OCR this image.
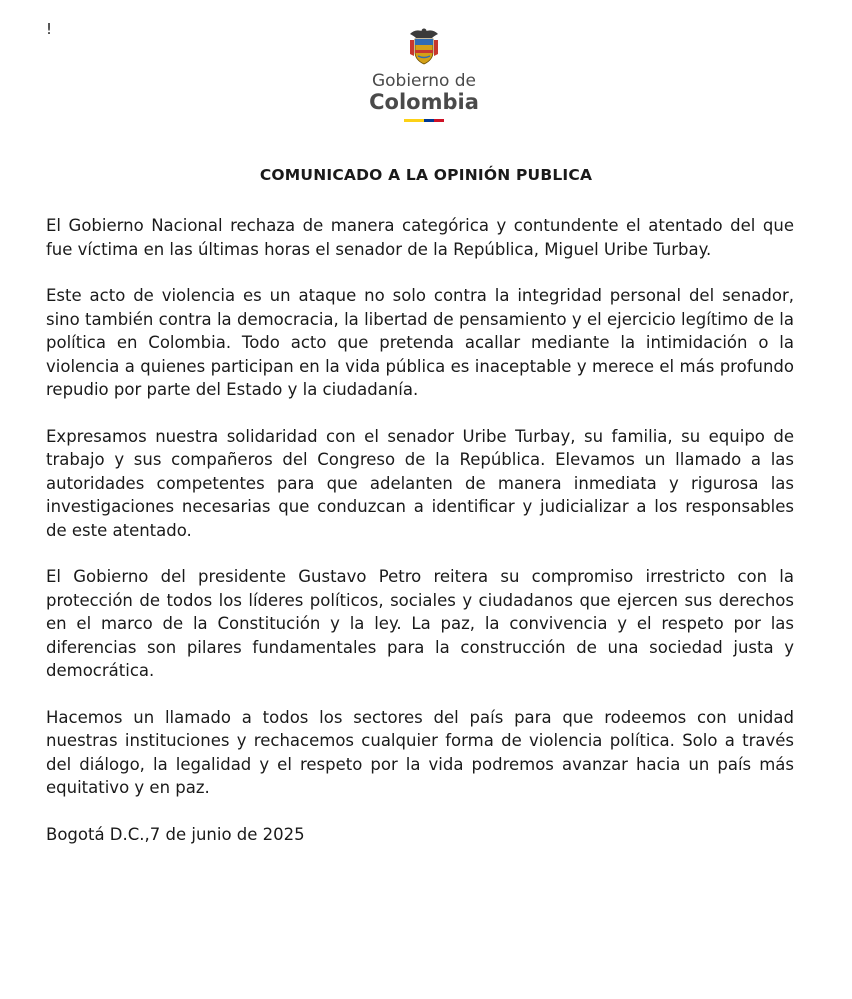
!
Gobierno de
Colombia
COMUNICADO A LA OPINIÓN PUBLICA

El Gobierno Nacional rechaza de manera categórica y contundente el atentado del que fue víctima en las últimas horas el senador de la República, Miguel Uribe Turbay.

Este acto de violencia es un ataque no solo contra la integridad personal del senador, sino también contra la democracia, la libertad de pensamiento y el ejercicio legítimo de la política en Colombia. Todo acto que pretenda acallar mediante la intimidación o la violencia a quienes participan en la vida pública es inaceptable y merece el más profundo repudio por parte del Estado y la ciudadanía.

Expresamos nuestra solidaridad con el senador Uribe Turbay, su familia, su equipo de trabajo y sus compañeros del Congreso de la República. Elevamos un llamado a las autoridades competentes para que adelanten de manera inmediata y rigurosa las investigaciones necesarias que conduzcan a identificar y judicializar a los responsables de este atentado.

El Gobierno del presidente Gustavo Petro reitera su compromiso irrestricto con la protección de todos los líderes políticos, sociales y ciudadanos que ejercen sus derechos en el marco de la Constitución y la ley. La paz, la convivencia y el respeto por las diferencias son pilares fundamentales para la construcción de una sociedad justa y democrática.

Hacemos un llamado a todos los sectores del país para que rodeemos con unidad nuestras instituciones y rechacemos cualquier forma de violencia política. Solo a través del diálogo, la legalidad y el respeto por la vida podremos avanzar hacia un país más equitativo y en paz.

Bogotá D.C.,7 de junio de 2025
